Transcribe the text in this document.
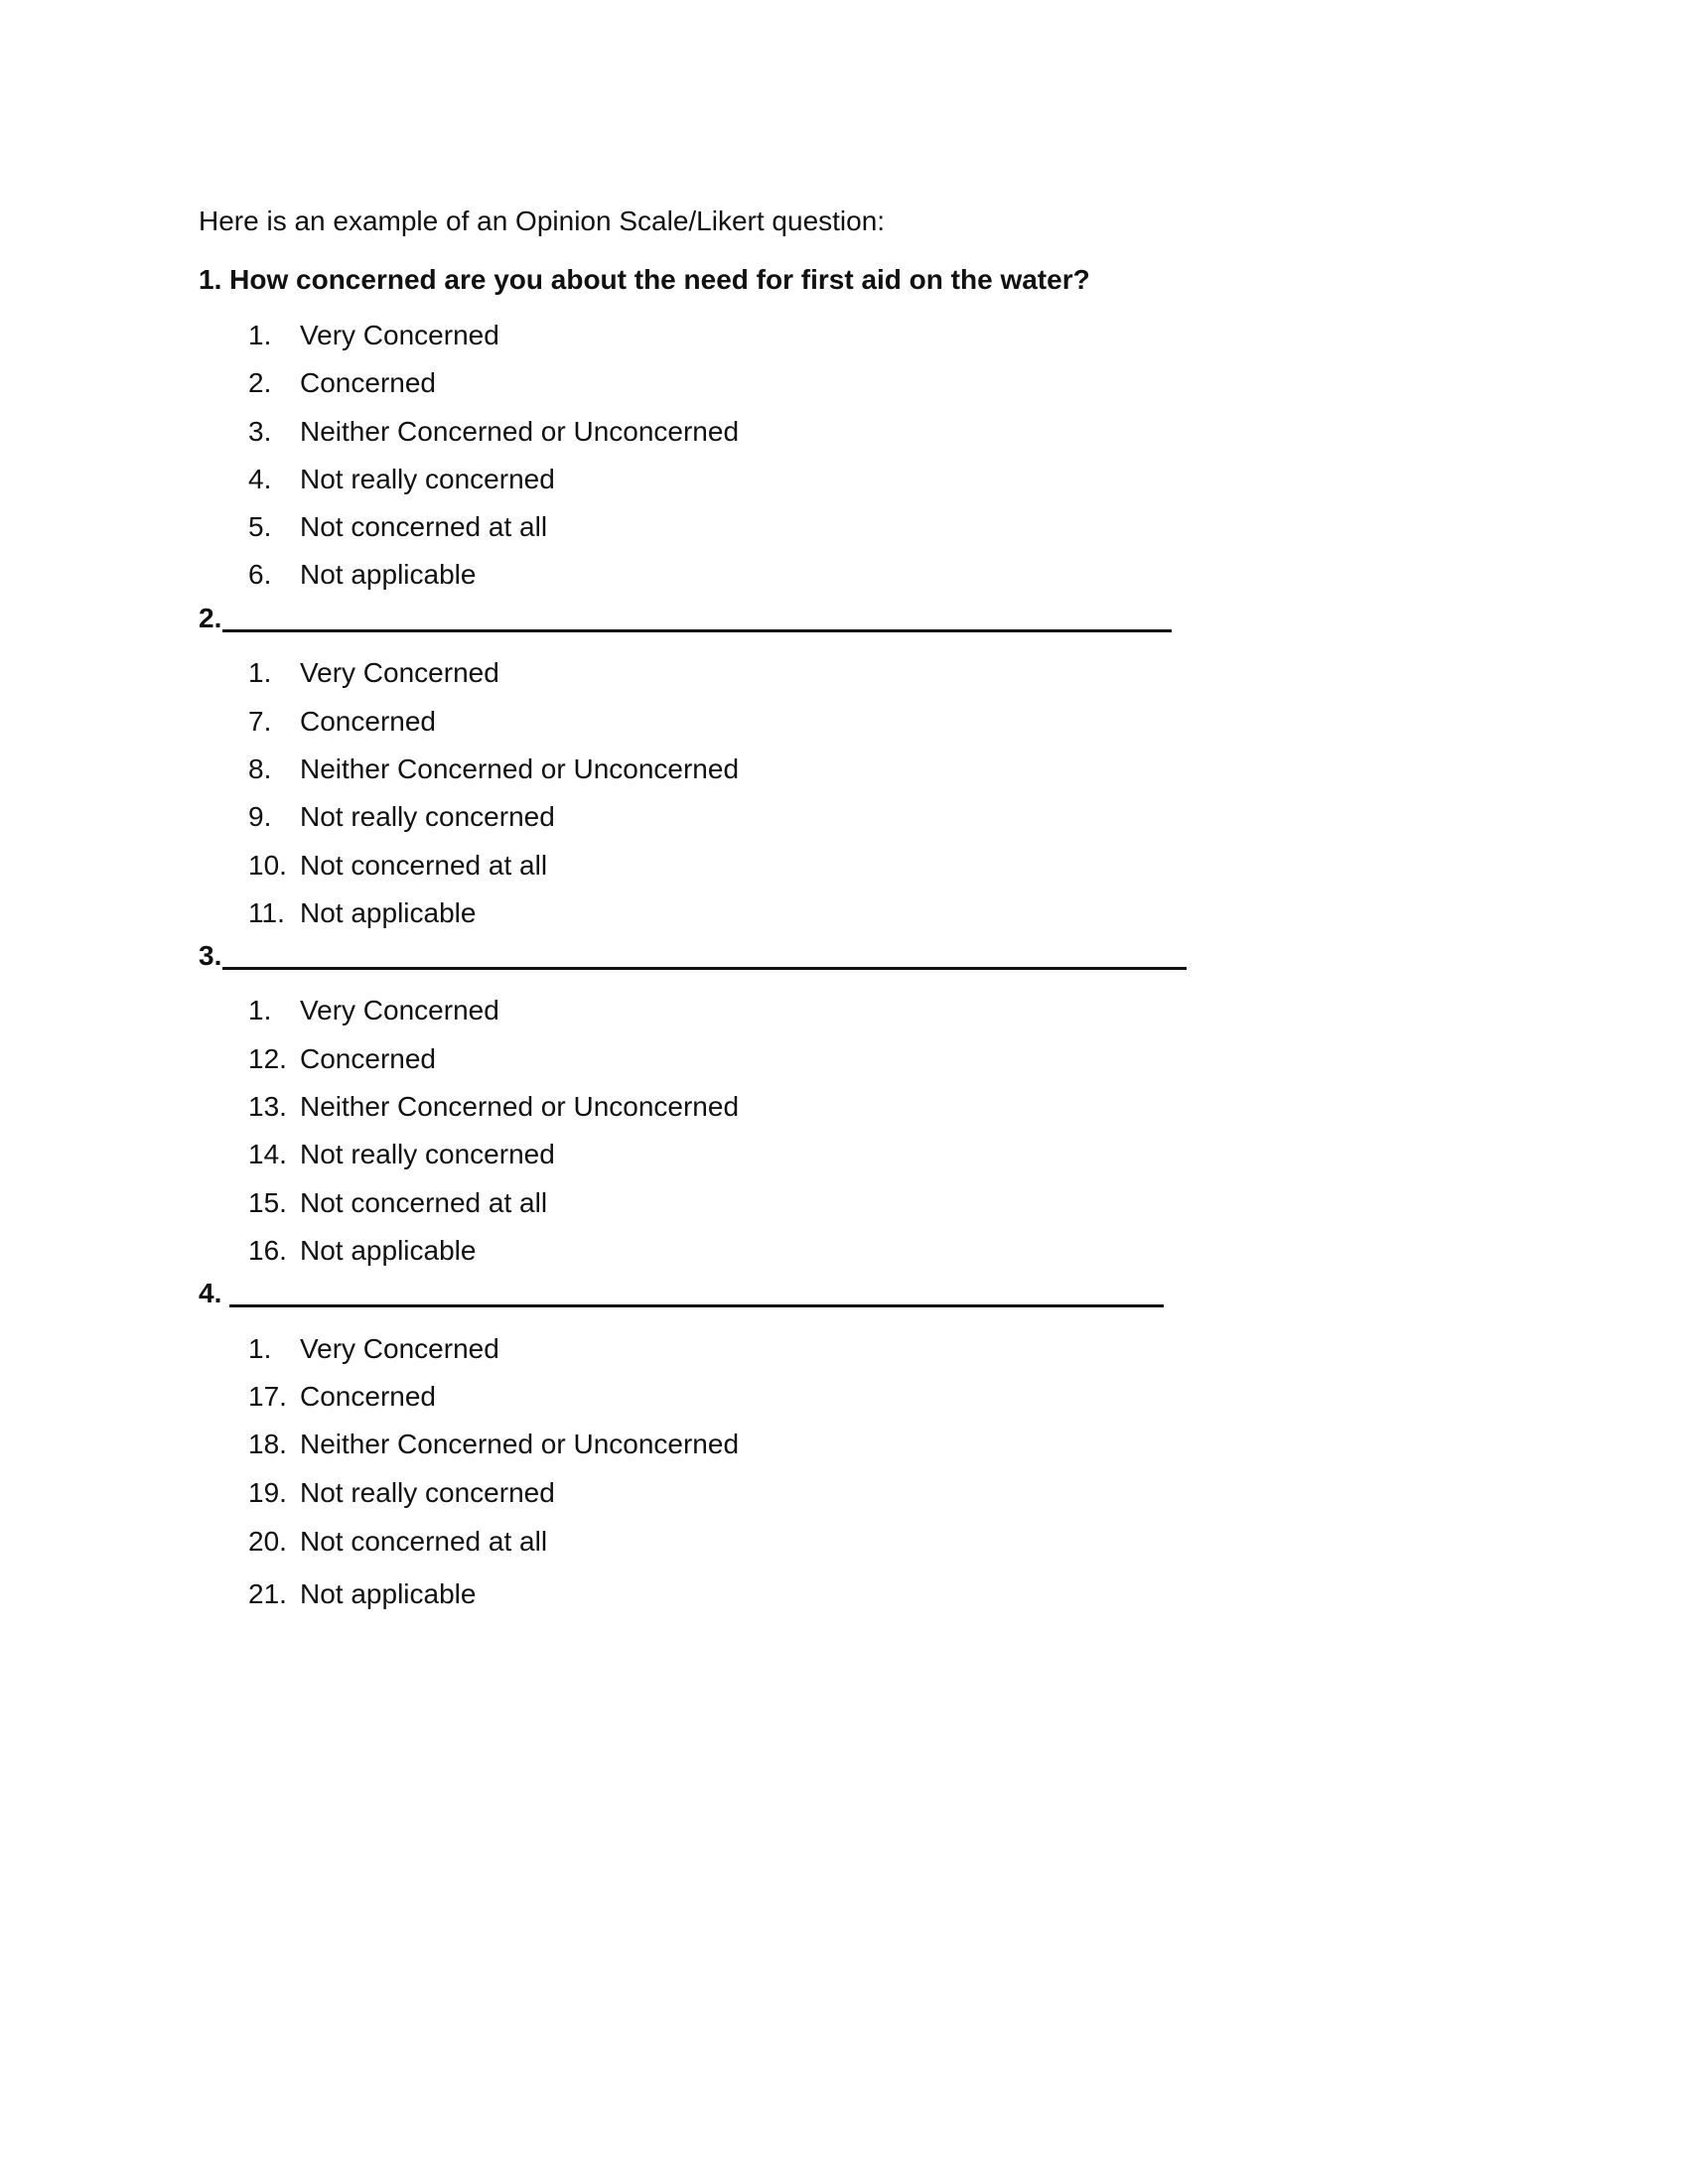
Here is an example of an Opinion Scale/Likert question:
1. How concerned are you about the need for first aid on the water?
1. Very Concerned
2. Concerned
3. Neither Concerned or Unconcerned
4. Not really concerned
5. Not concerned at all
6. Not applicable
2.
1. Very Concerned
7. Concerned
8. Neither Concerned or Unconcerned
9. Not really concerned
10. Not concerned at all
11. Not applicable
3.
1. Very Concerned
12. Concerned
13. Neither Concerned or Unconcerned
14. Not really concerned
15. Not concerned at all
16. Not applicable
4.
1. Very Concerned
17. Concerned
18. Neither Concerned or Unconcerned
19. Not really concerned
20. Not concerned at all
21. Not applicable
